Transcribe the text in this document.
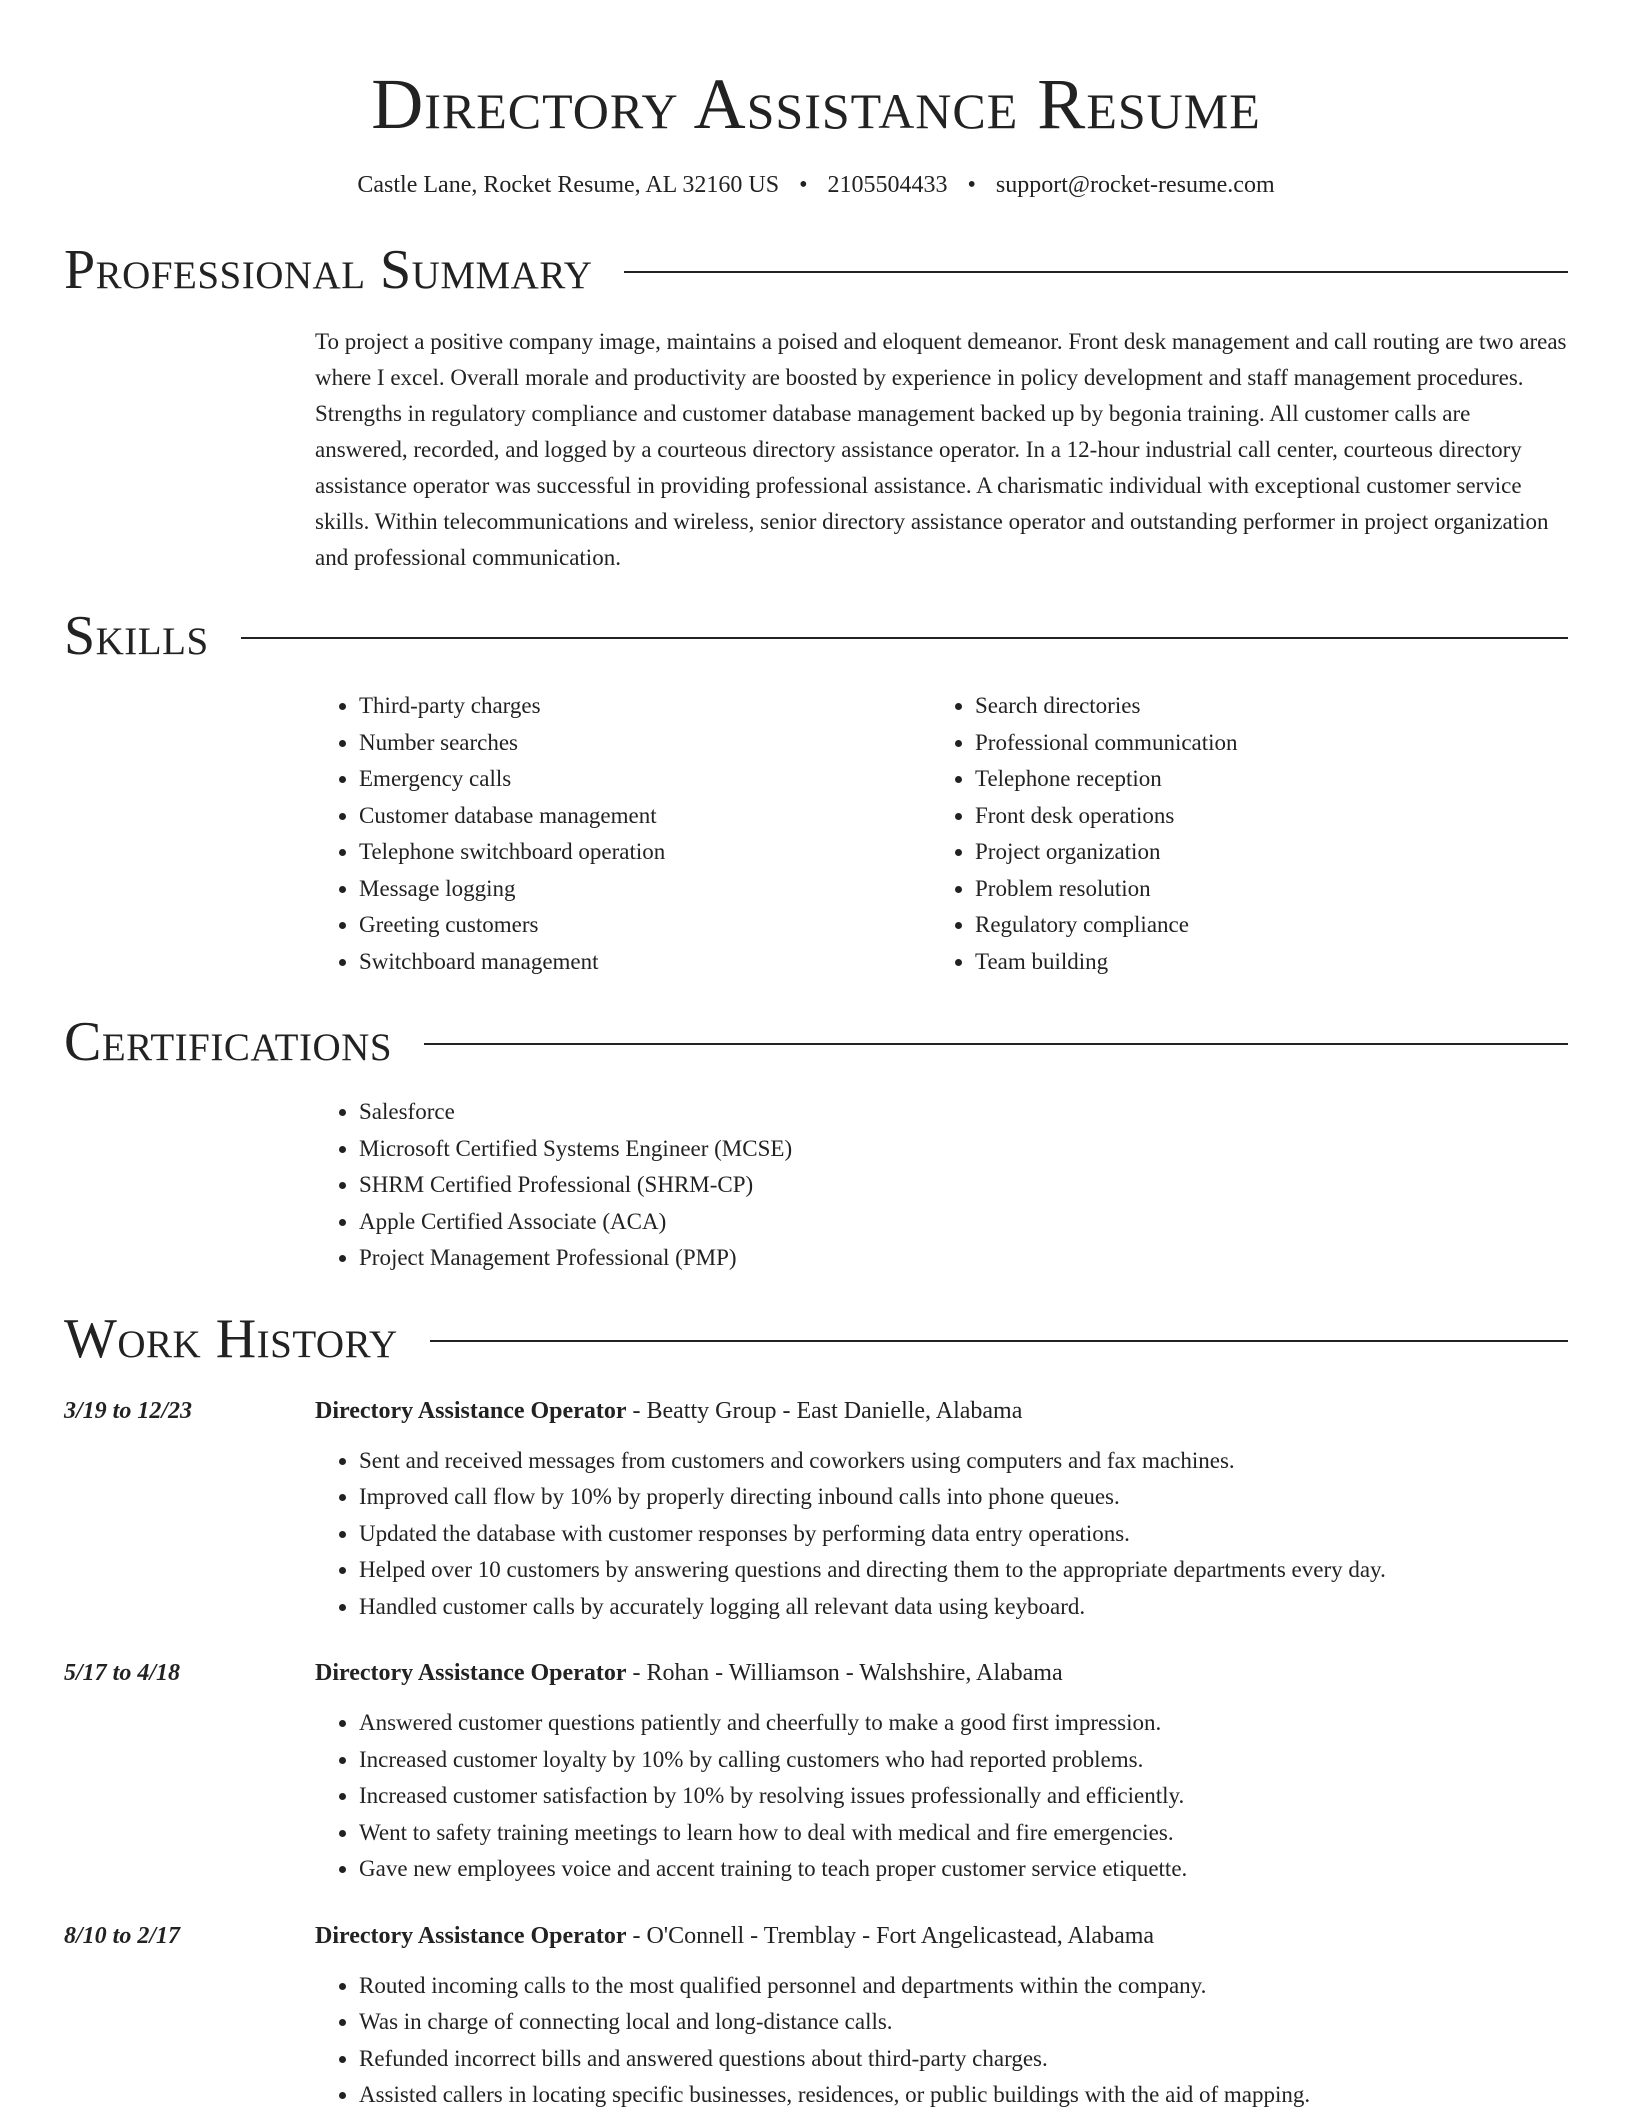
Directory Assistance Resume
Castle Lane, Rocket Resume, AL 32160 US • 2105504433 • support@rocket-resume.com
Professional Summary
To project a positive company image, maintains a poised and eloquent demeanor. Front desk management and call routing are two areas where I excel. Overall morale and productivity are boosted by experience in policy development and staff management procedures. Strengths in regulatory compliance and customer database management backed up by begonia training. All customer calls are answered, recorded, and logged by a courteous directory assistance operator. In a 12-hour industrial call center, courteous directory assistance operator was successful in providing professional assistance. A charismatic individual with exceptional customer service skills. Within telecommunications and wireless, senior directory assistance operator and outstanding performer in project organization and professional communication.
Skills
• Third-party charges
• Number searches
• Emergency calls
• Customer database management
• Telephone switchboard operation
• Message logging
• Greeting customers
• Switchboard management
• Search directories
• Professional communication
• Telephone reception
• Front desk operations
• Project organization
• Problem resolution
• Regulatory compliance
• Team building
Certifications
• Salesforce
• Microsoft Certified Systems Engineer (MCSE)
• SHRM Certified Professional (SHRM-CP)
• Apple Certified Associate (ACA)
• Project Management Professional (PMP)
Work History
3/19 to 12/23	Directory Assistance Operator - Beatty Group - East Danielle, Alabama
• Sent and received messages from customers and coworkers using computers and fax machines.
• Improved call flow by 10% by properly directing inbound calls into phone queues.
• Updated the database with customer responses by performing data entry operations.
• Helped over 10 customers by answering questions and directing them to the appropriate departments every day.
• Handled customer calls by accurately logging all relevant data using keyboard.
5/17 to 4/18	Directory Assistance Operator - Rohan - Williamson - Walshshire, Alabama
• Answered customer questions patiently and cheerfully to make a good first impression.
• Increased customer loyalty by 10% by calling customers who had reported problems.
• Increased customer satisfaction by 10% by resolving issues professionally and efficiently.
• Went to safety training meetings to learn how to deal with medical and fire emergencies.
• Gave new employees voice and accent training to teach proper customer service etiquette.
8/10 to 2/17	Directory Assistance Operator - O'Connell - Tremblay - Fort Angelicastead, Alabama
• Routed incoming calls to the most qualified personnel and departments within the company.
• Was in charge of connecting local and long-distance calls.
• Refunded incorrect bills and answered questions about third-party charges.
• Assisted callers in locating specific businesses, residences, or public buildings with the aid of mapping.
